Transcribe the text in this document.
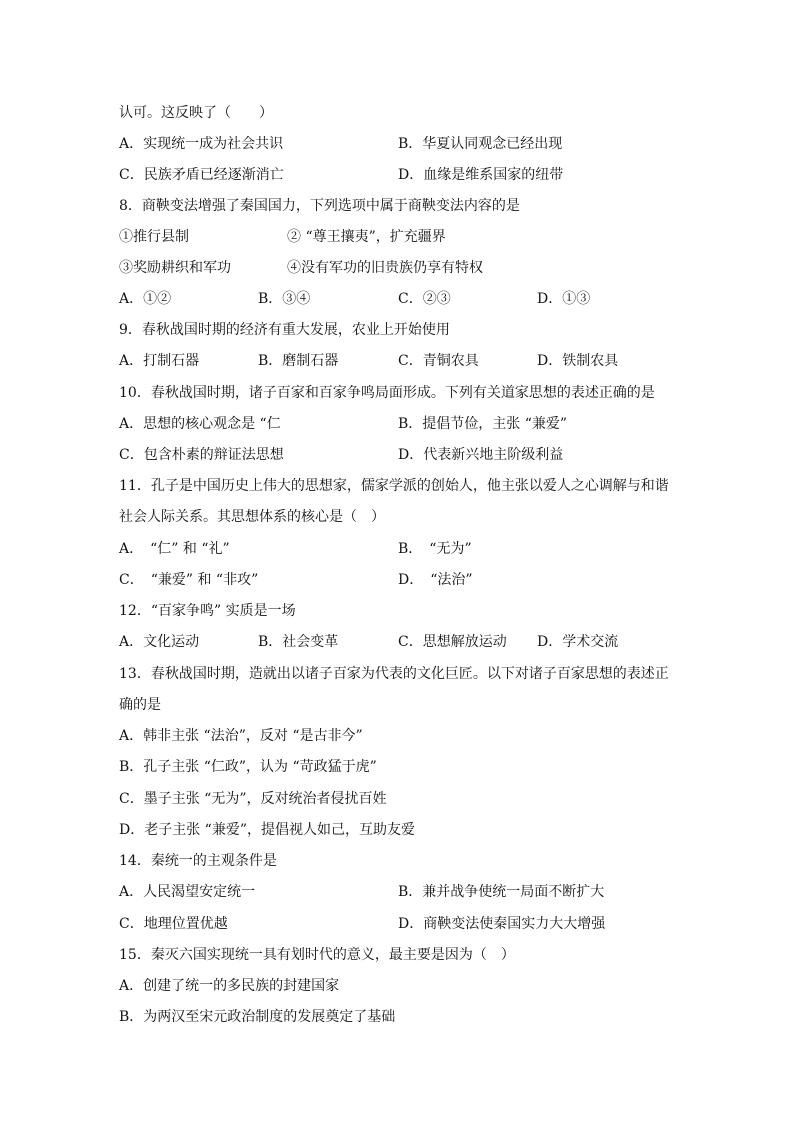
认可。这反映了（　　）
A．实现统一成为社会共识	B．华夏认同观念已经出现
C．民族矛盾已经逐渐消亡	D．血缘是维系国家的纽带
8．商鞅变法增强了秦国国力，下列选项中属于商鞅变法内容的是
①推行县制	② “尊王攘夷”，扩充疆界
③奖励耕织和军功	④没有军功的旧贵族仍享有特权
A．①②	B．③④	C．②③	D．①③
9．春秋战国时期的经济有重大发展，农业上开始使用
A．打制石器	B．磨制石器	C．青铜农具	D．铁制农具
10．春秋战国时期，诸子百家和百家争鸣局面形成。下列有关道家思想的表述正确的是
A．思想的核心观念是 “仁	B．提倡节俭，主张 “兼爱”
C．包含朴素的辩证法思想	D．代表新兴地主阶级利益
11．孔子是中国历史上伟大的思想家，儒家学派的创始人，他主张以爱人之心调解与和谐
社会人际关系。其思想体系的核心是（　）
A．　“仁” 和 “礼”	B．　“无为”
C．　“兼爱” 和 “非攻”	D．　“法治”
12．“百家争鸣” 实质是一场
A．文化运动	B．社会变革	C．思想解放运动 D．学术交流
13．春秋战国时期，造就出以诸子百家为代表的文化巨匠。以下对诸子百家思想的表述正
确的是
A．韩非主张 “法治”，反对 “是古非今”
B．孔子主张 “仁政”，认为 “苛政猛于虎”
C．墨子主张 “无为”，反对统治者侵扰百姓
D．老子主张 “兼爱”，提倡视人如己，互助友爱
14．秦统一的主观条件是
A．人民渴望安定统一	B．兼并战争使统一局面不断扩大
C．地理位置优越	D．商鞅变法使秦国实力大大增强
15．秦灭六国实现统一具有划时代的意义，最主要是因为（　）
A．创建了统一的多民族的封建国家
B．为两汉至宋元政治制度的发展奠定了基础
